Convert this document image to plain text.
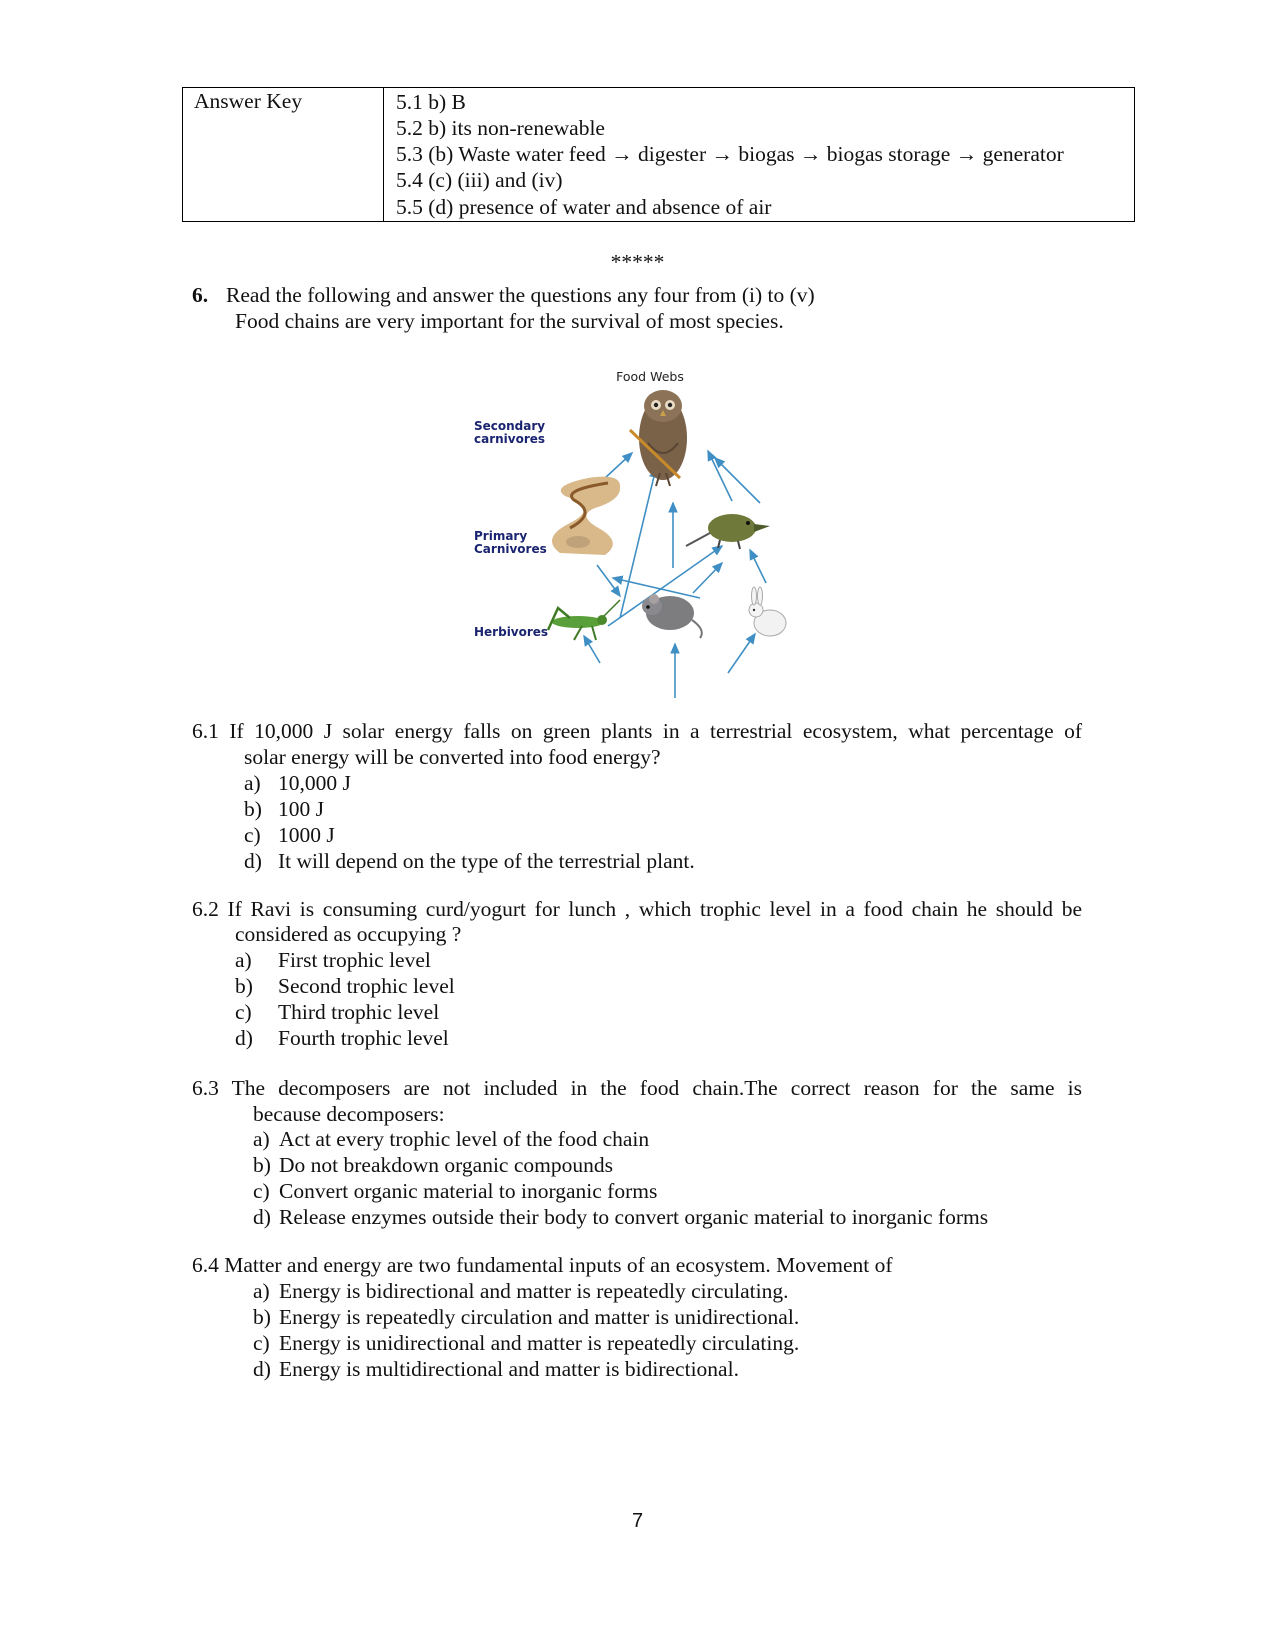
Answer Key	5.1 b) B
5.2 b) its non-renewable
5.3 (b) Waste water feed → digester → biogas → biogas storage → generator
5.4 (c) (iii) and (iv)
5.5 (d) presence of water and absence of air
*****
6. Read the following and answer the questions any four from (i) to (v)
Food chains are very important for the survival of most species.
Food Webs
Secondary
carnivores
Primary
Carnivores
Herbivores
6.1 If 10,000 J solar energy falls on green plants in a terrestrial ecosystem, what percentage of
solar energy will be converted into food energy?
a) 10,000 J
b) 100 J
c) 1000 J
d) It will depend on the type of the terrestrial plant.
6.2 If Ravi is consuming curd/yogurt for lunch , which trophic level in a food chain he should be
considered as occupying ?
a) First trophic level
b) Second trophic level
c) Third trophic level
d) Fourth trophic level
6.3 The decomposers are not included in the food chain.The correct reason for the same is
because decomposers:
a) Act at every trophic level of the food chain
b) Do not breakdown organic compounds
c) Convert organic material to inorganic forms
d) Release enzymes outside their body to convert organic material to inorganic forms
6.4 Matter and energy are two fundamental inputs of an ecosystem. Movement of
a) Energy is bidirectional and matter is repeatedly circulating.
b) Energy is repeatedly circulation and matter is unidirectional.
c) Energy is unidirectional and matter is repeatedly circulating.
d) Energy is multidirectional and matter is bidirectional.
7
